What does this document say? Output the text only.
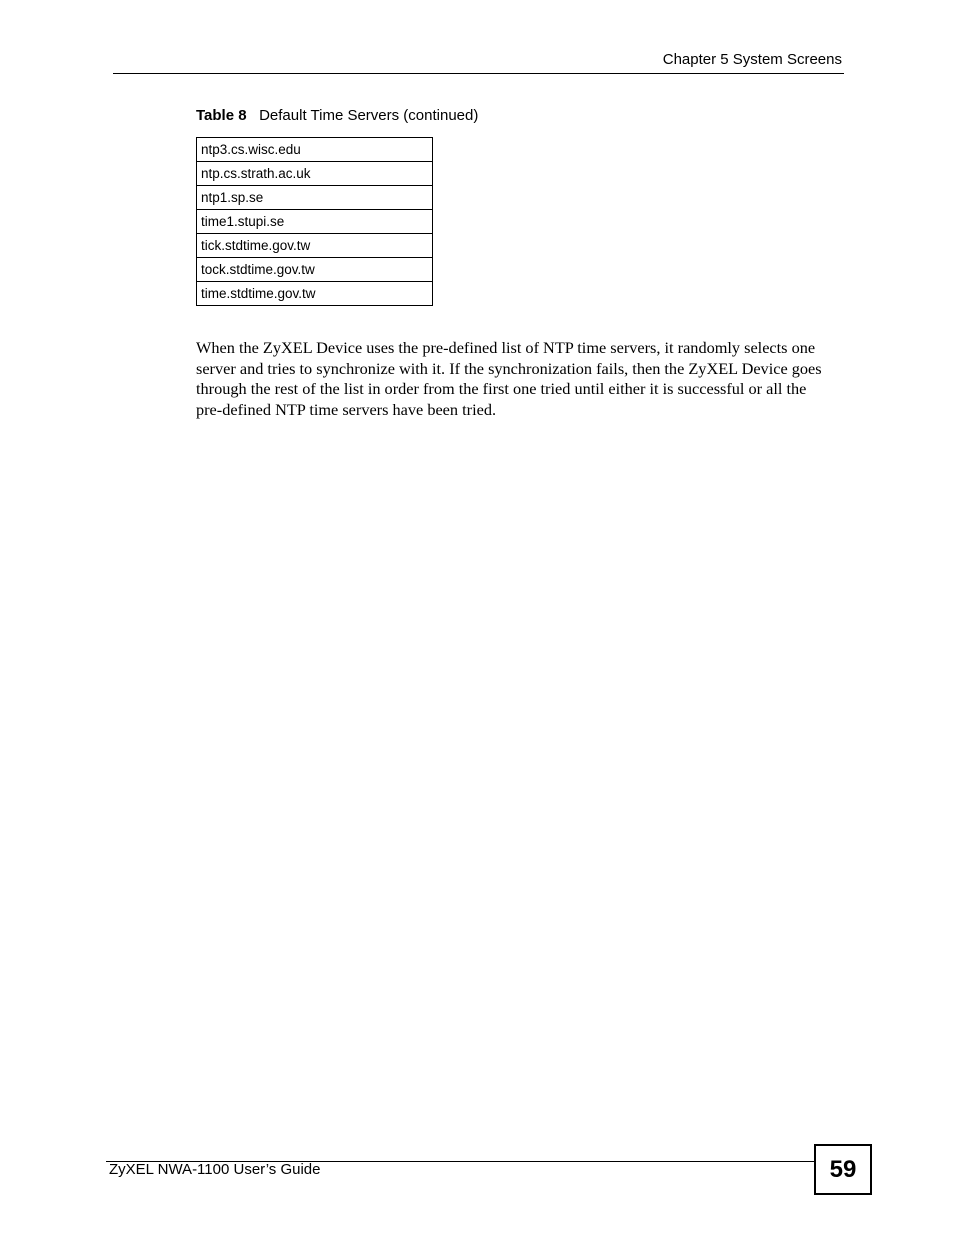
Chapter 5 System Screens
Table 8 Default Time Servers (continued)
ntp3.cs.wisc.edu
ntp.cs.strath.ac.uk
ntp1.sp.se
time1.stupi.se
tick.stdtime.gov.tw
tock.stdtime.gov.tw
time.stdtime.gov.tw

When the ZyXEL Device uses the pre-defined list of NTP time servers, it randomly selects one server and tries to synchronize with it. If the synchronization fails, then the ZyXEL Device goes through the rest of the list in order from the first one tried until either it is successful or all the pre-defined NTP time servers have been tried.

ZyXEL NWA-1100 User’s Guide	59
